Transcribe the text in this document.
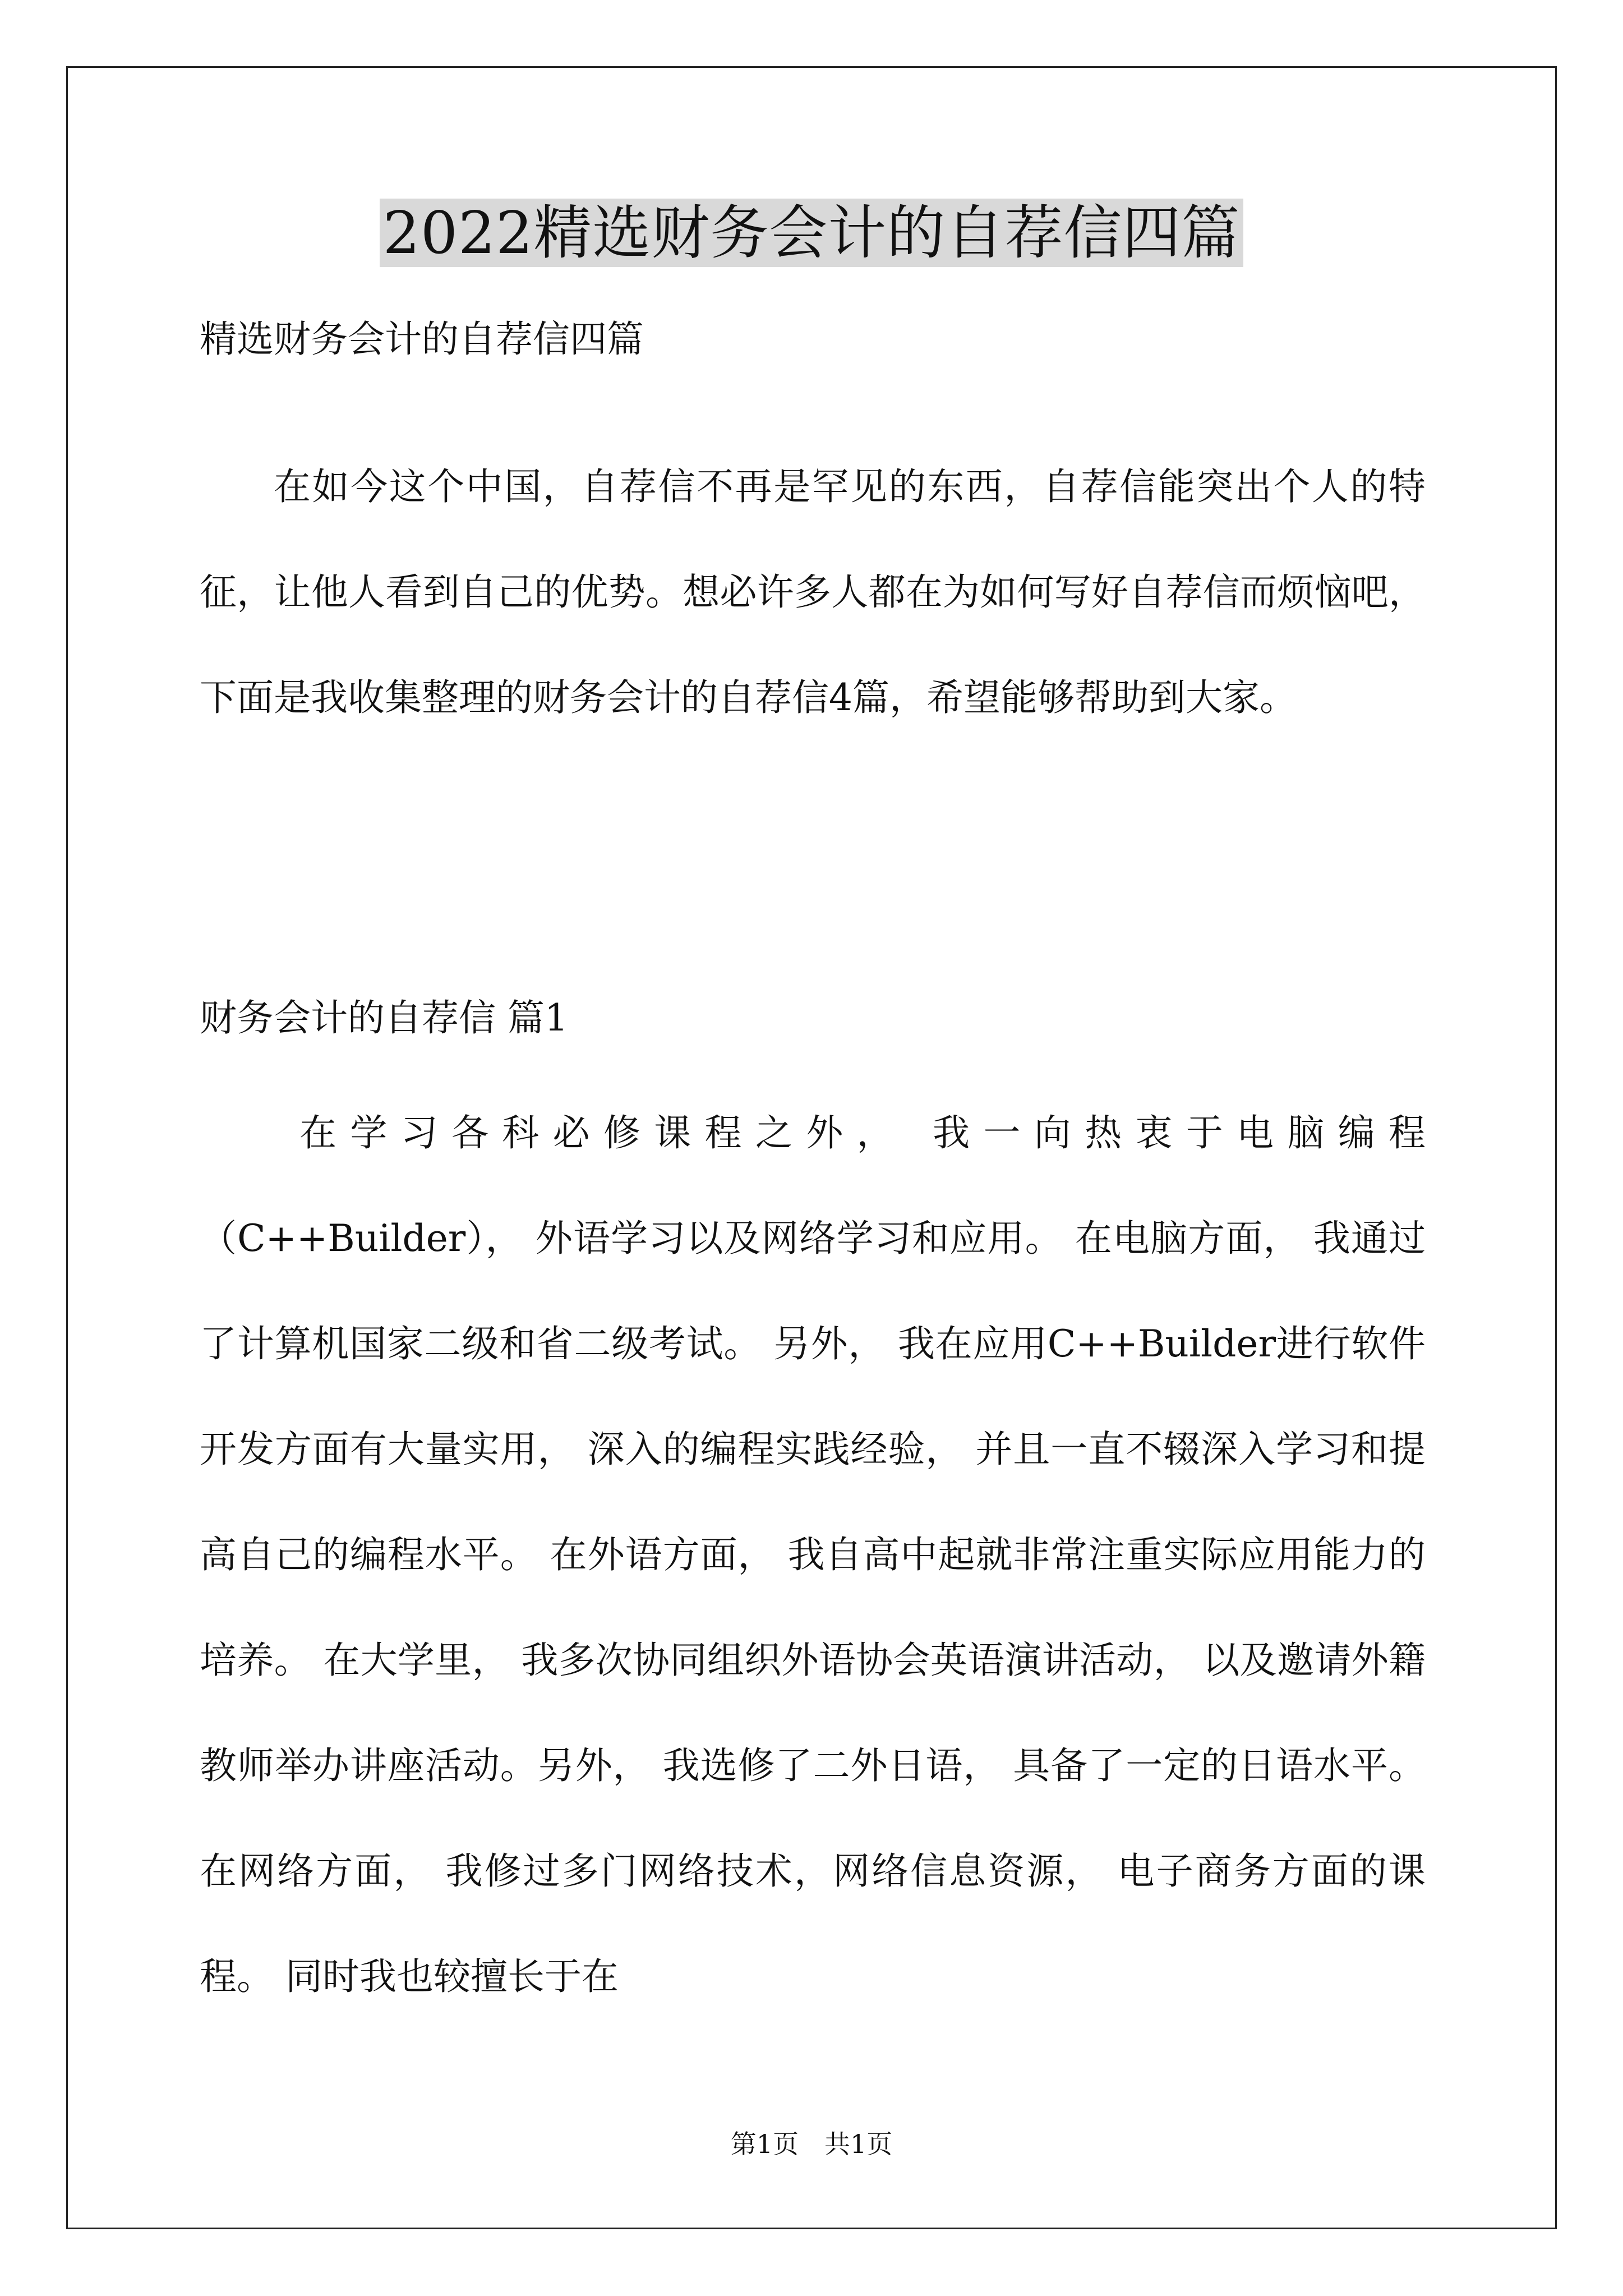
2022精选财务会计的自荐信四篇
精选财务会计的自荐信四篇

在如今这个中国，自荐信不再是罕见的东西，自荐信能突出个人的特征，让他人看到自己的优势。想必许多人都在为如何写好自荐信而烦恼吧，下面是我收集整理的财务会计的自荐信4篇，希望能够帮助到大家。

财务会计的自荐信 篇1

在学习各科必修课程之外， 我一向热衷于电脑编程（C++Builder）， 外语学习以及网络学习和应用。 在电脑方面， 我通过了计算机国家二级和省二级考试。 另外， 我在应用C++Builder进行软件开发方面有大量实用， 深入的编程实践经验， 并且一直不辍深入学习和提高自己的编程水平。 在外语方面， 我自高中起就非常注重实际应用能力的培养。 在大学里， 我多次协同组织外语协会英语演讲活动， 以及邀请外籍教师举办讲座活动。另外， 我选修了二外日语， 具备了一定的日语水平。在网络方面， 我修过多门网络技术，网络信息资源， 电子商务方面的课程。 同时我也较擅长于在

第1页　共1页
